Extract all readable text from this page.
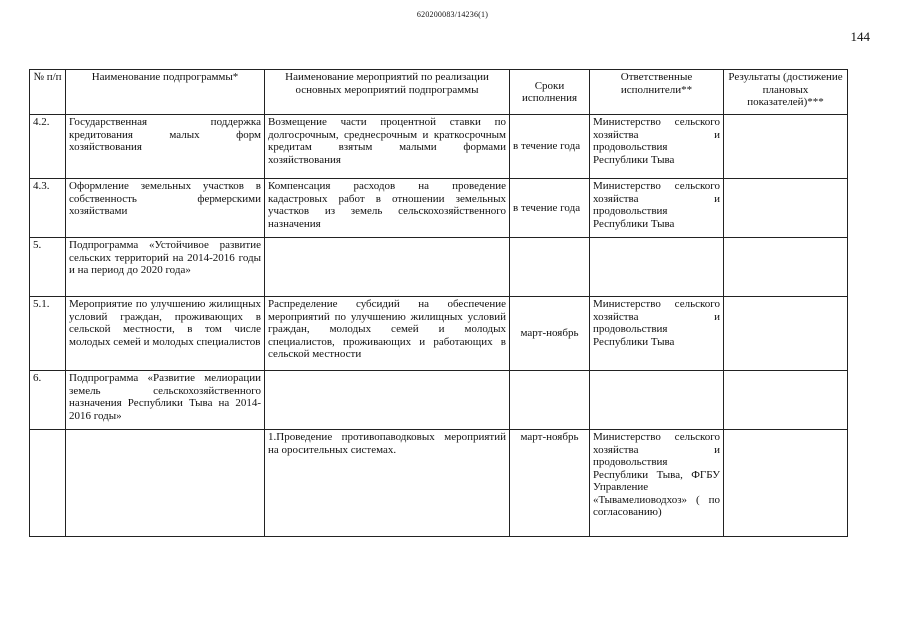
620200083/14236(1)
144
№ п/п	Наименование подпрограммы*	Наименование мероприятий по реализации основных мероприятий подпрограммы	Сроки исполнения	Ответственные исполнители**	Результаты (достижение плановых показателей)***
4.2.	Государственная поддержка кредитования малых форм хозяйствования	Возмещение части процентной ставки по долгосрочным, среднесрочным и краткосрочным кредитам взятым малыми формами хозяйствования	в течение года	Министерство сельского хозяйства и продовольствия Республики Тыва	
4.3.	Оформление земельных участков в собственность фермерскими хозяйствами	Компенсация расходов на проведение кадастровых работ в отношении земельных участков из земель сельскохозяйственного назначения	в течение года	Министерство сельского хозяйства и продовольствия Республики Тыва	
5.	Подпрограмма «Устойчивое развитие сельских территорий на 2014-2016 годы и на период до 2020 года»				
5.1.	Мероприятие по улучшению жилищных условий граждан, проживающих в сельской местности, в том числе молодых семей и молодых специалистов	Распределение субсидий на обеспечение мероприятий по улучшению жилищных условий граждан, молодых семей и молодых специалистов, проживающих и работающих в сельской местности	март-ноябрь	Министерство сельского хозяйства и продовольствия Республики Тыва	
6.	Подпрограмма «Развитие мелиорации земель сельскохозяйственного назначения Республики Тыва на 2014-2016 годы»				
		1.Проведение противопаводковых мероприятий на оросительных системах.	март-ноябрь	Министерство сельского хозяйства и продовольствия Республики Тыва, ФГБУ Управление «Тывамелиоводхоз» ( по согласованию)	
